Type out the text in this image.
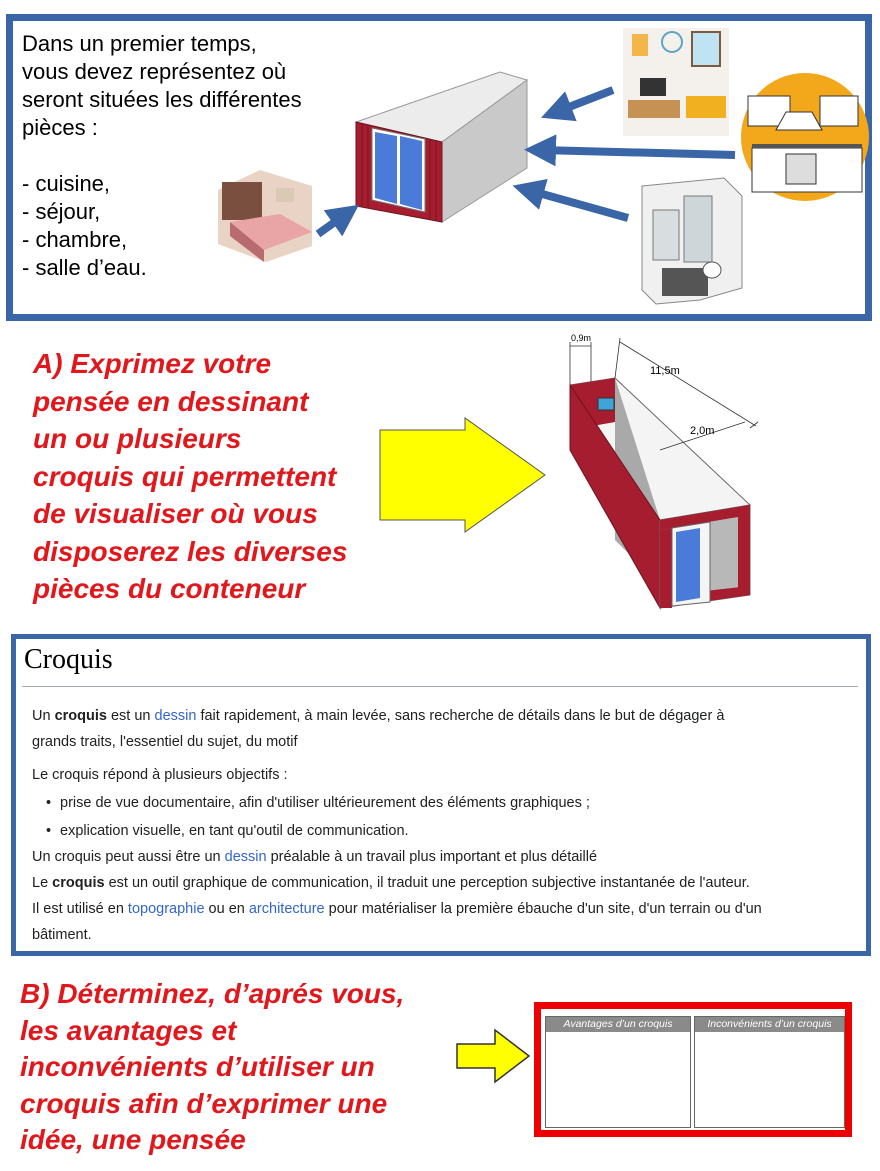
Dans un premier temps,
vous devez représentez où
seront situées les différentes
pièces :
- cuisine,
- séjour,
- chambre,
- salle d’eau.
A) Exprimez votre
pensée en dessinant
un ou plusieurs
croquis qui permettent
de visualiser où vous
disposerez les diverses
pièces du conteneur
0,9m
11,5m
2,0m
Croquis
Un croquis est un dessin fait rapidement, à main levée, sans recherche de détails dans le but de dégager à
grands traits, l'essentiel du sujet, du motif
Le croquis répond à plusieurs objectifs :
• prise de vue documentaire, afin d'utiliser ultérieurement des éléments graphiques ;
• explication visuelle, en tant qu'outil de communication.
Un croquis peut aussi être un dessin préalable à un travail plus important et plus détaillé
Le croquis est un outil graphique de communication, il traduit une perception subjective instantanée de l'auteur.
Il est utilisé en topographie ou en architecture pour matérialiser la première ébauche d'un site, d'un terrain ou d'un
bâtiment.
B) Déterminez, d’aprés vous,
les avantages et
inconvénients d’utiliser un
croquis afin d’exprimer une
idée, une pensée
Avantages d’un croquis	Inconvénients d’un croquis
